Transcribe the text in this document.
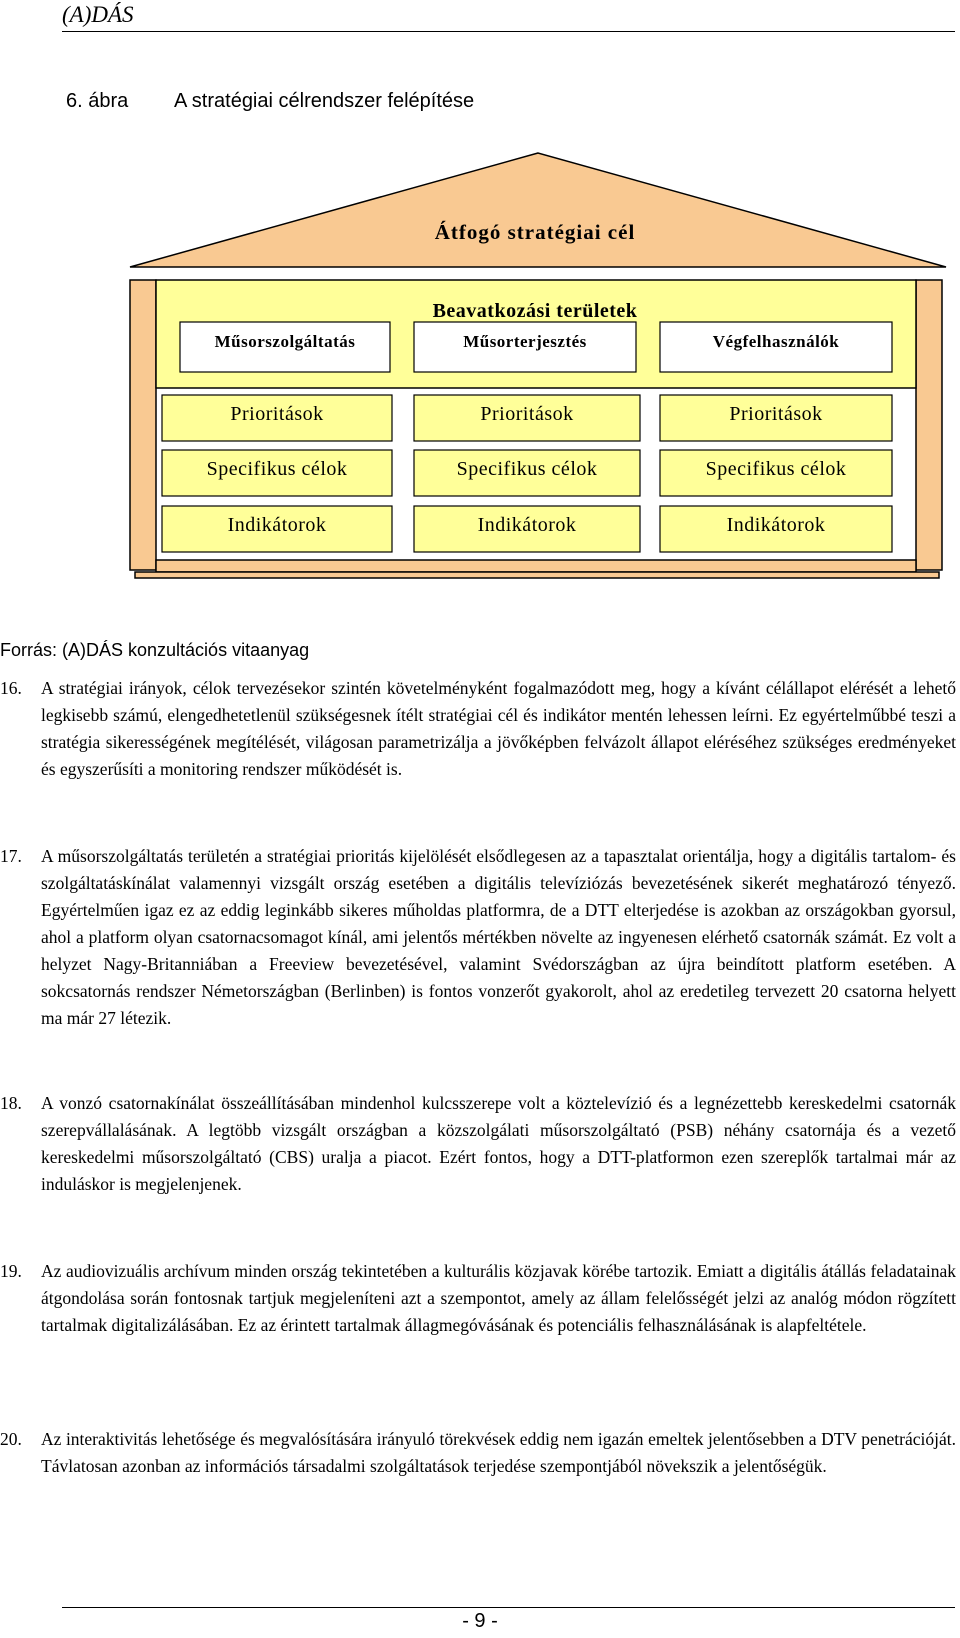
(A)DÁS
6. ábra A stratégiai célrendszer felépítése
Átfogó stratégiai cél
Beavatkozási területek
Műsorszolgáltatás	Műsorterjesztés	Végfelhasználók
Prioritások	Prioritások	Prioritások
Specifikus célok	Specifikus célok	Specifikus célok
Indikátorok	Indikátorok	Indikátorok
Forrás: (A)DÁS konzultációs vitaanyag
16. A stratégiai irányok, célok tervezésekor szintén követelményként fogalmazódott meg, hogy a kívánt célállapot elérését a lehető legkisebb számú, elengedhetetlenül szükségesnek ítélt stratégiai cél és indikátor mentén lehessen leírni. Ez egyértelműbbé teszi a stratégia sikerességének megítélését, világosan parametrizálja a jövőképben felvázolt állapot eléréséhez szükséges eredményeket és egyszerűsíti a monitoring rendszer működését is.
17. A műsorszolgáltatás területén a stratégiai prioritás kijelölését elsődlegesen az a tapasztalat orientálja, hogy a digitális tartalom- és szolgáltatáskínálat valamennyi vizsgált ország esetében a digitális televíziózás bevezetésének sikerét meghatározó tényező. Egyértelműen igaz ez az eddig leginkább sikeres műholdas platformra, de a DTT elterjedése is azokban az országokban gyorsul, ahol a platform olyan csatornacsomagot kínál, ami jelentős mértékben növelte az ingyenesen elérhető csatornák számát. Ez volt a helyzet Nagy-Britanniában a Freeview bevezetésével, valamint Svédországban az újra beindított platform esetében. A sokcsatornás rendszer Németországban (Berlinben) is fontos vonzerőt gyakorolt, ahol az eredetileg tervezett 20 csatorna helyett ma már 27 létezik.
18. A vonzó csatornakínálat összeállításában mindenhol kulcsszerepe volt a köztelevízió és a legnézettebb kereskedelmi csatornák szerepvállalásának. A legtöbb vizsgált országban a közszolgálati műsorszolgáltató (PSB) néhány csatornája és a vezető kereskedelmi műsorszolgáltató (CBS) uralja a piacot. Ezért fontos, hogy a DTT-platformon ezen szereplők tartalmai már az induláskor is megjelenjenek.
19. Az audiovizuális archívum minden ország tekintetében a kulturális közjavak körébe tartozik. Emiatt a digitális átállás feladatainak átgondolása során fontosnak tartjuk megjeleníteni azt a szempontot, amely az állam felelősségét jelzi az analóg módon rögzített tartalmak digitalizálásában. Ez az érintett tartalmak állagmegóvásának és potenciális felhasználásának is alapfeltétele.
20. Az interaktivitás lehetősége és megvalósítására irányuló törekvések eddig nem igazán emeltek jelentősebben a DTV penetrációját. Távlatosan azonban az információs társadalmi szolgáltatások terjedése szempontjából növekszik a jelentőségük.
- 9 -
